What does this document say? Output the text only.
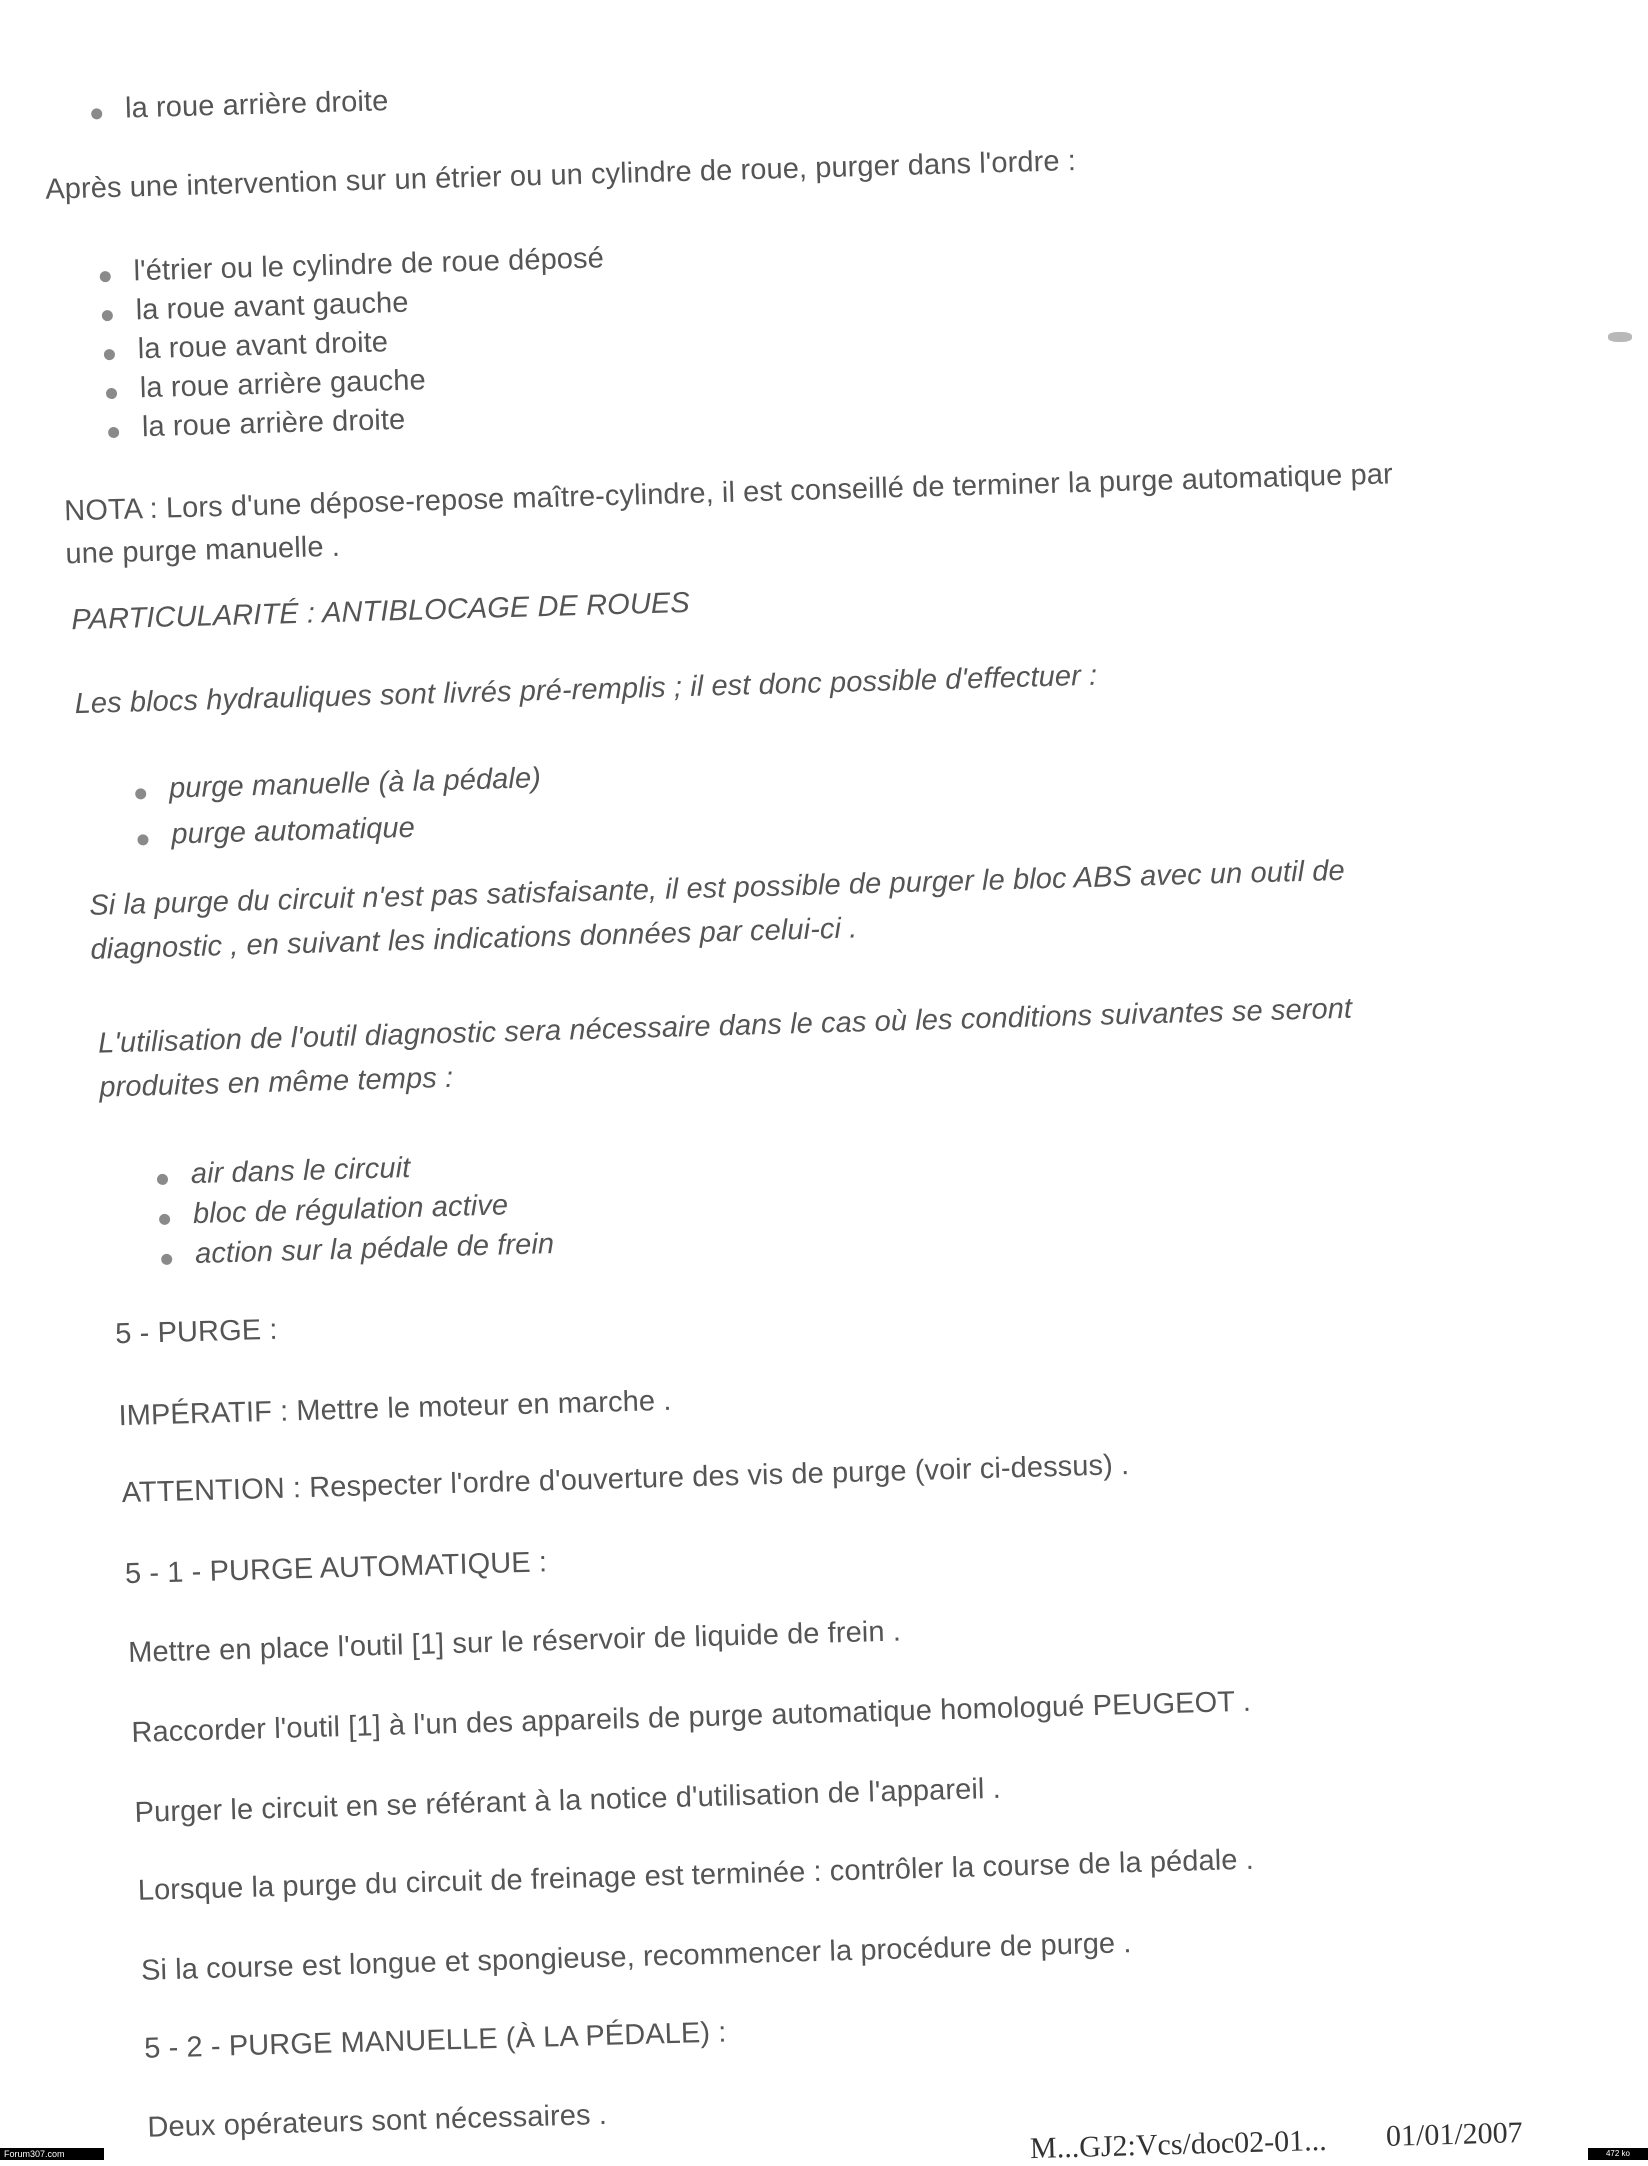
la roue arrière droite
Après une intervention sur un étrier ou un cylindre de roue, purger dans l'ordre :
l'étrier ou le cylindre de roue déposé
la roue avant gauche
la roue avant droite
la roue arrière gauche
la roue arrière droite
NOTA : Lors d'une dépose-repose maître-cylindre, il est conseillé de terminer la purge automatique par
une purge manuelle .
PARTICULARITÉ : ANTIBLOCAGE DE ROUES
Les blocs hydrauliques sont livrés pré-remplis ; il est donc possible d'effectuer :
purge manuelle (à la pédale)
purge automatique
Si la purge du circuit n'est pas satisfaisante, il est possible de purger le bloc ABS avec un outil de
diagnostic , en suivant les indications données par celui-ci .
L'utilisation de l'outil diagnostic sera nécessaire dans le cas où les conditions suivantes se seront
produites en même temps :
air dans le circuit
bloc de régulation active
action sur la pédale de frein
5 - PURGE :
IMPÉRATIF : Mettre le moteur en marche .
ATTENTION : Respecter l'ordre d'ouverture des vis de purge (voir ci-dessus) .
5 - 1 - PURGE AUTOMATIQUE :
Mettre en place l'outil [1] sur le réservoir de liquide de frein .
Raccorder l'outil [1] à l'un des appareils de purge automatique homologué PEUGEOT .
Purger le circuit en se référant à la notice d'utilisation de l'appareil .
Lorsque la purge du circuit de freinage est terminée : contrôler la course de la pédale .
Si la course est longue et spongieuse, recommencer la procédure de purge .
5 - 2 - PURGE MANUELLE (À LA PÉDALE) :
Deux opérateurs sont nécessaires .
M...GJ2:Vcs/doc02-01... 01/01/2007
Forum307.com	472 ko
